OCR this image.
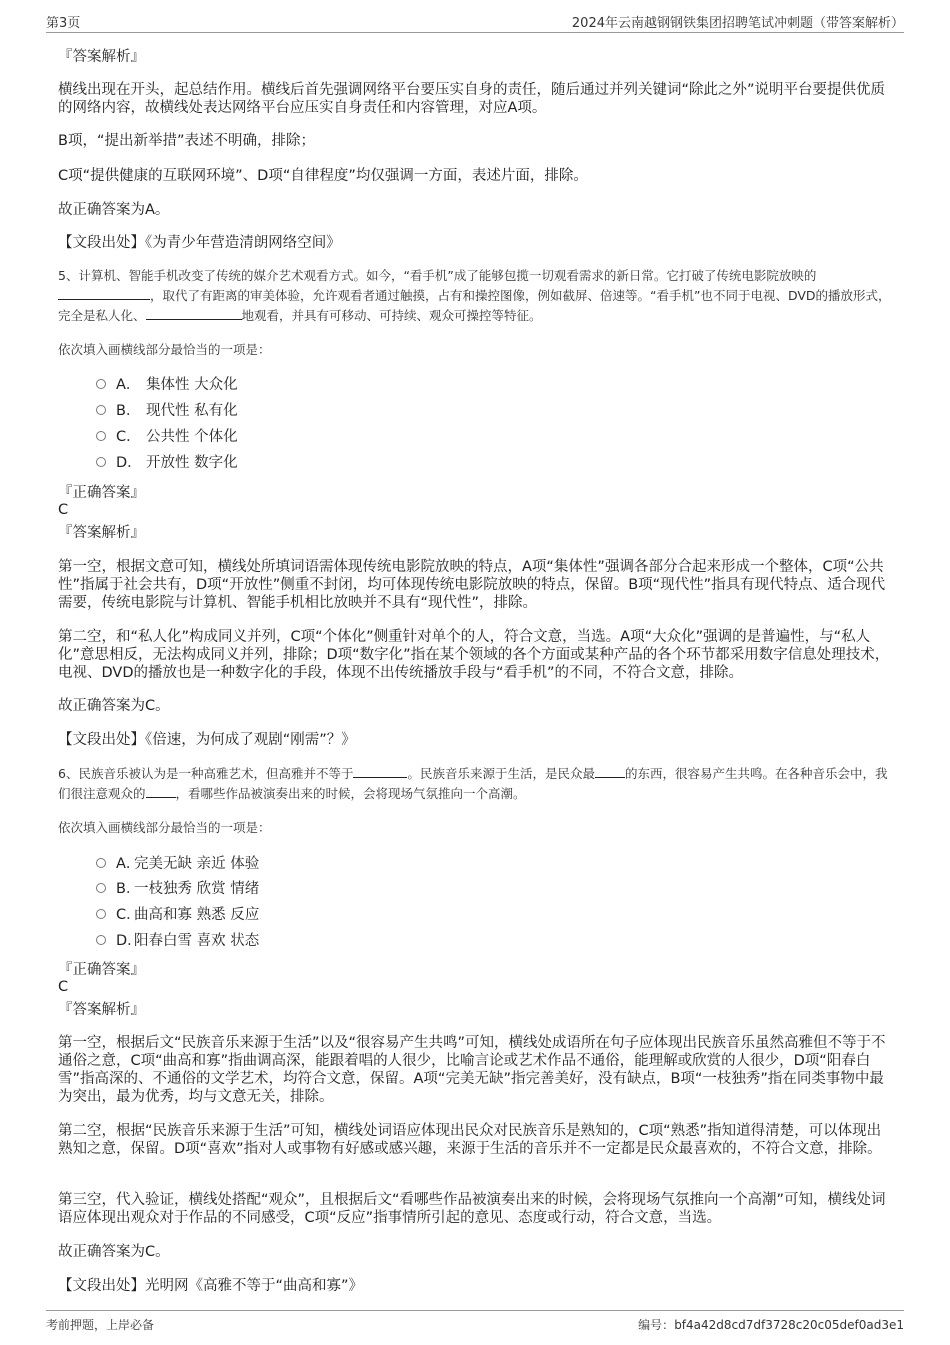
第3页	2024年云南越钢钢铁集团招聘笔试冲刺题（带答案解析）
『答案解析』
横线出现在开头，起总结作用。横线后首先强调网络平台要压实自身的责任，随后通过并列关键词“除此之外”说明平台要提供优质的网络内容，故横线处表达网络平台应压实自身责任和内容管理，对应A项。
B项，“提出新举措”表述不明确，排除；
C项“提供健康的互联网环境”、D项“自律程度”均仅强调一方面，表述片面，排除。
故正确答案为A。
【文段出处】《为青少年营造清朗网络空间》
5、计算机、智能手机改变了传统的媒介艺术观看方式。如今，“看手机”成了能够包揽一切观看需求的新日常。它打破了传统电影院放映的，取代了有距离的审美体验，允许观看者通过触摸，占有和操控图像，例如截屏、倍速等。“看手机”也不同于电视、DVD的播放形式，完全是私人化、	地观看，并具有可移动、可持续、观众可操控等特征。
依次填入画横线部分最恰当的一项是：
A． 集体性 大众化
B． 现代性 私有化
C． 公共性 个体化
D． 开放性 数字化
『正确答案』
C
『答案解析』
第一空，根据文意可知，横线处所填词语需体现传统电影院放映的特点，A项“集体性”强调各部分合起来形成一个整体，C项“公共性”指属于社会共有，D项“开放性”侧重不封闭，均可体现传统电影院放映的特点，保留。B项“现代性”指具有现代特点、适合现代需要，传统电影院与计算机、智能手机相比放映并不具有“现代性”，排除。
第二空，和“私人化”构成同义并列，C项“个体化”侧重针对单个的人，符合文意，当选。A项“大众化”强调的是普遍性，与“私人化”意思相反，无法构成同义并列，排除；D项“数字化”指在某个领域的各个方面或某种产品的各个环节都采用数字信息处理技术，电视、DVD的播放也是一种数字化的手段，体现不出传统播放手段与“看手机”的不同，不符合文意，排除。
故正确答案为C。
【文段出处】《倍速，为何成了观剧“刚需”？》
6、民族音乐被认为是一种高雅艺术，但高雅并不等于	。民族音乐来源于生活，是民众最 的东西，很容易产生共鸣。在各种音乐会中，我们很注意观众的 ，看哪些作品被演奏出来的时候，会将现场气氛推向一个高潮。
依次填入画横线部分最恰当的一项是：
A．完美无缺 亲近 体验
B．一枝独秀 欣赏 情绪
C．曲高和寡 熟悉 反应
D．阳春白雪 喜欢 状态
『正确答案』
C
『答案解析』
第一空，根据后文“民族音乐来源于生活”以及“很容易产生共鸣”可知，横线处成语所在句子应体现出民族音乐虽然高雅但不等于不通俗之意，C项“曲高和寡”指曲调高深，能跟着唱的人很少，比喻言论或艺术作品不通俗，能理解或欣赏的人很少，D项“阳春白雪”指高深的、不通俗的文学艺术，均符合文意，保留。A项“完美无缺”指完善美好，没有缺点，B项“一枝独秀”指在同类事物中最为突出，最为优秀，均与文意无关，排除。
第二空，根据“民族音乐来源于生活”可知，横线处词语应体现出民众对民族音乐是熟知的，C项“熟悉”指知道得清楚，可以体现出熟知之意，保留。D项“喜欢”指对人或事物有好感或感兴趣，来源于生活的音乐并不一定都是民众最喜欢的，不符合文意，排除。
第三空，代入验证，横线处搭配“观众”，且根据后文“看哪些作品被演奏出来的时候，会将现场气氛推向一个高潮”可知，横线处词语应体现出观众对于作品的不同感受，C项“反应”指事情所引起的意见、态度或行动，符合文意，当选。
故正确答案为C。
【文段出处】光明网《高雅不等于“曲高和寡”》
考前押题，上岸必备	编号：bf4a42d8cd7df3728c20c05def0ad3e1
